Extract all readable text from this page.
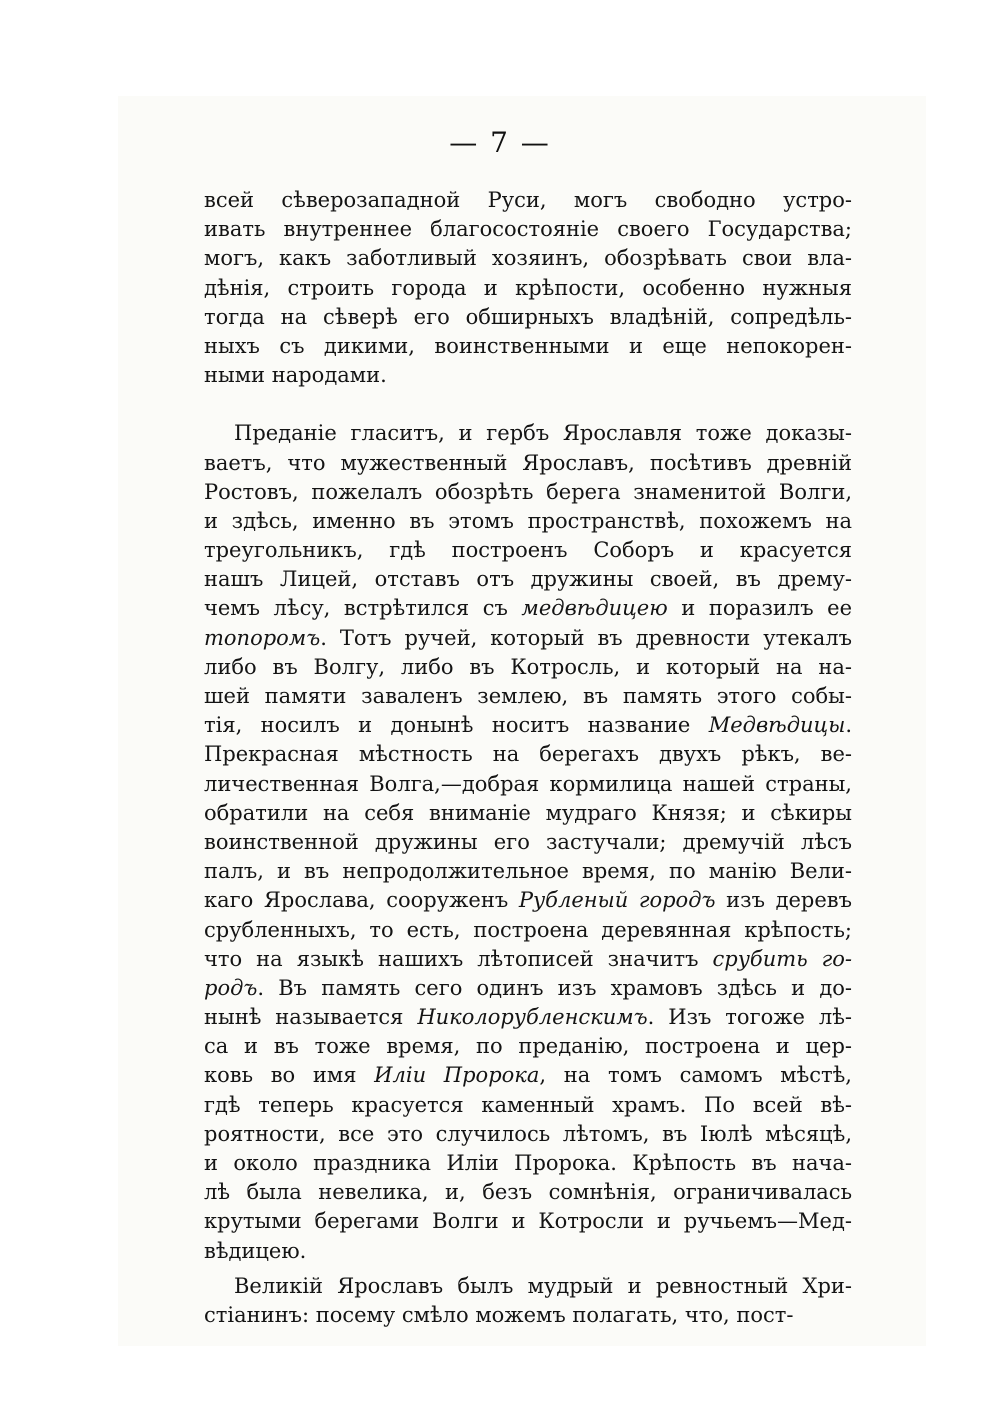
— 7 —
всей сѣверозападной Руси, могъ свободно устро-
ивать внутреннее благосостояніе своего Государства;
могъ, какъ заботливый хозяинъ, обозрѣвать свои вла-
дѣнія, строить города и крѣпости, особенно нужныя
тогда на сѣверѣ его обширныхъ владѣній, сопредѣль-
ныхъ съ дикими, воинственными и еще непокорен-
ными народами.
Преданіе гласитъ, и гербъ Ярославля тоже доказы-
ваетъ, что мужественный Ярославъ, посѣтивъ древній
Ростовъ, пожелалъ обозрѣть берега знаменитой Волги,
и здѣсь, именно въ этомъ пространствѣ, похожемъ на
треугольникъ, гдѣ построенъ Соборъ и красуется
нашъ Лицей, отставъ отъ дружины своей, въ дрему-
чемъ лѣсу, встрѣтился съ медвѣдицею и поразилъ ее
топоромъ. Тотъ ручей, который въ древности утекалъ
либо въ Волгу, либо въ Котросль, и который на на-
шей памяти заваленъ землею, въ память этого собы-
тія, носилъ и донынѣ носитъ название Медвѣдицы.
Прекрасная мѣстность на берегахъ двухъ рѣкъ, ве-
личественная Волга,—добрая кормилица нашей страны,
обратили на себя вниманіе мудраго Князя; и сѣкиры
воинственной дружины его застучали; дремучій лѣсъ
палъ, и въ непродолжительное время, по манію Вели-
каго Ярослава, сооруженъ Рубленый городъ изъ деревъ
срубленныхъ, то есть, построена деревянная крѣпость;
что на языкѣ нашихъ лѣтописей значитъ срубить го-
родъ. Въ память сего одинъ изъ храмовъ здѣсь и до-
нынѣ называется Николорубленскимъ. Изъ тогоже лѣ-
са и въ тоже время, по преданію, построена и цер-
ковь во имя Иліи Пророка, на томъ самомъ мѣстѣ,
гдѣ теперь красуется каменный храмъ. По всей вѣ-
роятности, все это случилось лѣтомъ, въ Іюлѣ мѣсяцѣ,
и около праздника Иліи Пророка. Крѣпость въ нача-
лѣ была невелика, и, безъ сомнѣнія, ограничивалась
крутыми берегами Волги и Котросли и ручьемъ—Мед-
вѣдицею.
Великій Ярославъ былъ мудрый и ревностный Хри-
стіанинъ: посему смѣло можемъ полагать, что, пост-
